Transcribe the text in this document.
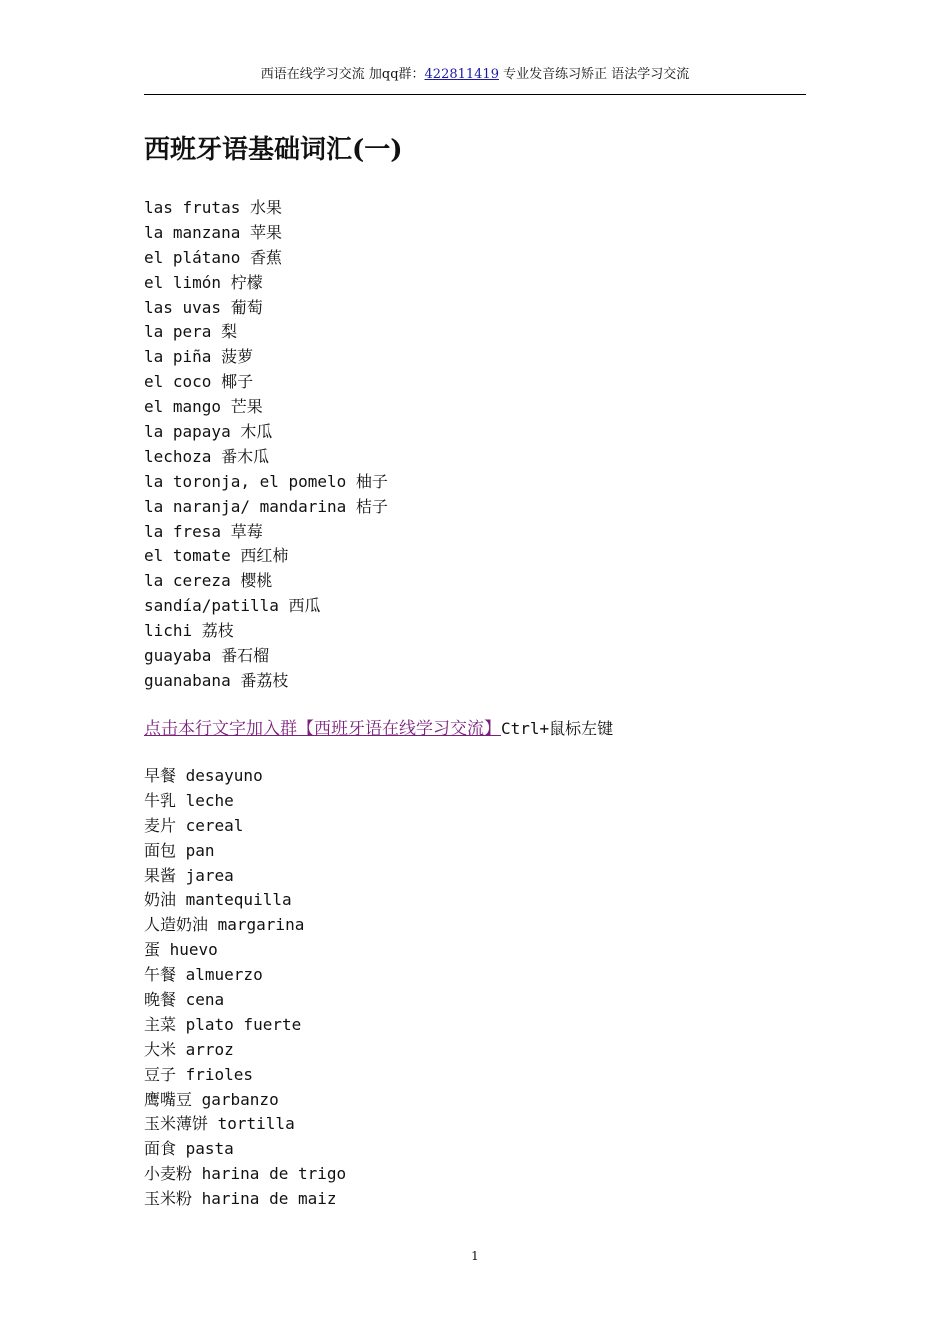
西语在线学习交流 加qq群：422811419 专业发音练习矫正 语法学习交流
西班牙语基础词汇(一)
las frutas 水果
la manzana 苹果
el plátano 香蕉
el limón 柠檬
las uvas 葡萄
la pera 梨
la piña 菠萝
el coco 椰子
el mango 芒果
la papaya 木瓜
lechoza 番木瓜
la toronja, el pomelo 柚子
la naranja/ mandarina 桔子
la fresa 草莓
el tomate 西红柿
la cereza 樱桃
sandía/patilla 西瓜
lichi 荔枝
guayaba 番石榴
guanabana 番荔枝
点击本行文字加入群【西班牙语在线学习交流】Ctrl+鼠标左键
早餐 desayuno
牛乳 leche
麦片 cereal
面包 pan
果酱 jarea
奶油 mantequilla
人造奶油 margarina
蛋 huevo
午餐 almuerzo
晚餐 cena
主菜 plato fuerte
大米 arroz
豆子 frioles
鹰嘴豆 garbanzo
玉米薄饼 tortilla
面食 pasta
小麦粉 harina de trigo
玉米粉 harina de maiz
1
